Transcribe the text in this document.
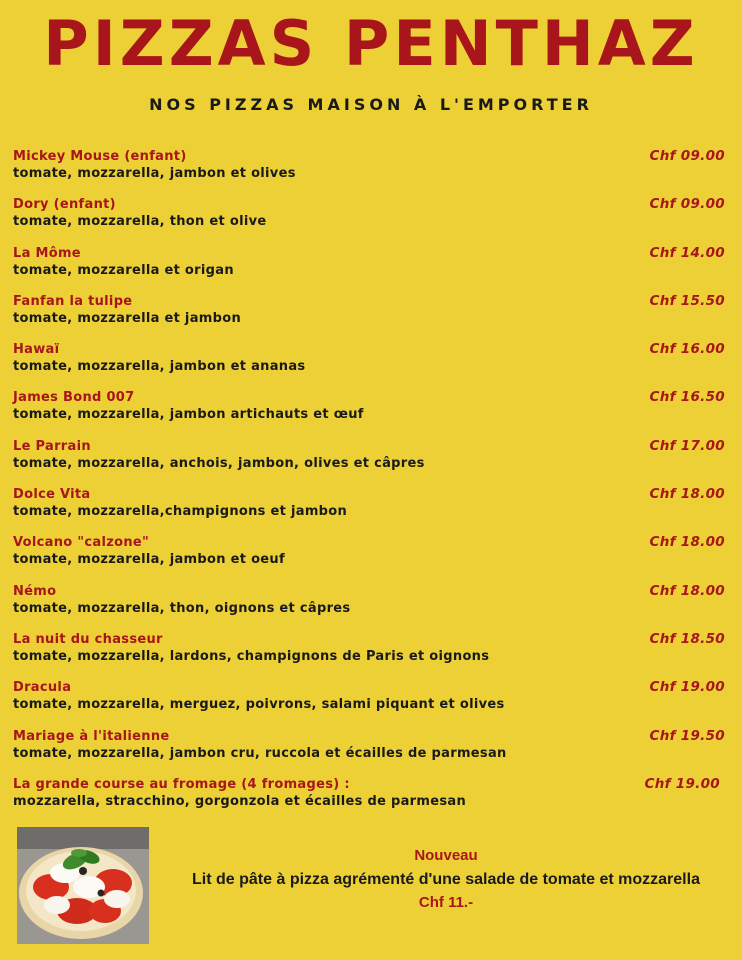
PIZZAS PENTHAZ
NOS PIZZAS MAISON À L'EMPORTER
Mickey Mouse (enfant)	Chf 09.00
tomate, mozzarella, jambon et olives
Dory (enfant)	Chf 09.00
tomate, mozzarella, thon et olive
La Môme	Chf 14.00
tomate, mozzarella et origan
Fanfan la tulipe	Chf 15.50
tomate, mozzarella et jambon
Hawaï	Chf 16.00
tomate, mozzarella, jambon et ananas
James Bond 007	Chf 16.50
tomate, mozzarella, jambon artichauts et œuf
Le Parrain	Chf 17.00
tomate, mozzarella, anchois, jambon, olives et câpres
Dolce Vita	Chf 18.00
tomate, mozzarella,champignons et jambon
Volcano "calzone"	Chf 18.00
tomate, mozzarella, jambon et oeuf
Némo	Chf 18.00
tomate, mozzarella, thon, oignons et câpres
La nuit du chasseur	Chf 18.50
tomate, mozzarella, lardons, champignons de Paris et oignons
Dracula	Chf 19.00
tomate, mozzarella, merguez, poivrons, salami piquant et olives
Mariage à l'italienne	Chf 19.50
tomate, mozzarella, jambon cru, ruccola et écailles de parmesan
La grande course au fromage (4 fromages) :	Chf 19.00
mozzarella, stracchino, gorgonzola et écailles de parmesan
Nouveau
Lit de pâte à pizza agrémenté d'une salade de tomate et mozzarella
Chf 11.-
